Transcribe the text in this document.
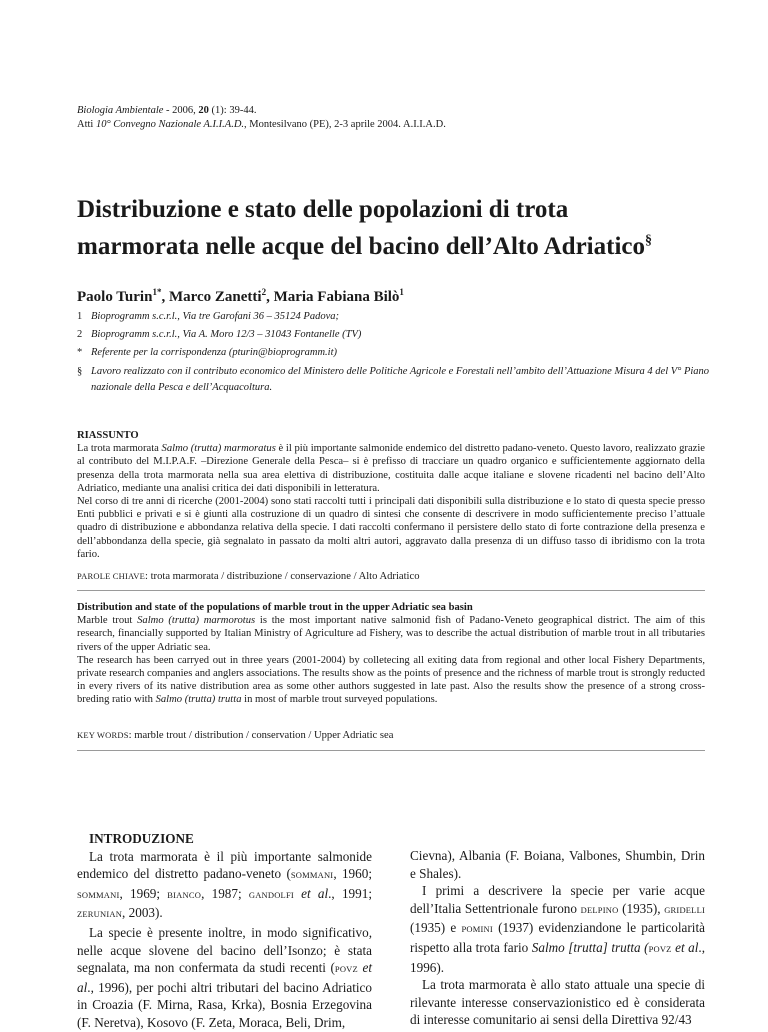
Biologia Ambientale - 2006, 20 (1): 39-44.
Atti 10° Convegno Nazionale A.I.I.A.D., Montesilvano (PE), 2-3 aprile 2004. A.I.I.A.D.
Distribuzione e stato delle popolazioni di trota
marmorata nelle acque del bacino dell’Alto Adriatico§
Paolo Turin$^{1*}$, Marco Zanetti$^2$, Maria Fabiana Bilò$^1$
1 Bioprogramm s.c.r.l., Via tre Garofani 36 – 35124 Padova;
2 Bioprogramm s.c.r.l., Via A. Moro 12/3 – 31043 Fontanelle (TV)
* Referente per la corrispondenza (pturin@bioprogramm.it)
§ Lavoro realizzato con il contributo economico del Ministero delle Politiche Agricole e Forestali nell’ambito dell’Attuazione Misura 4 del V° Piano nazionale della Pesca e dell’Acquacoltura.
RIASSUNTO
La trota marmorata Salmo (trutta) marmoratus è il più importante salmonide endemico del distretto padano-veneto. Questo lavoro, realizzato grazie al contributo del M.I.P.A.F. –Direzione Generale della Pesca– si è prefisso di tracciare un quadro organico e sufficientemente aggiornato della presenza della trota marmorata nella sua area elettiva di distribuzione, costituita dalle acque italiane e slovene ricadenti nel bacino dell’Alto Adriatico, mediante una analisi critica dei dati disponibili in letteratura.
Nel corso di tre anni di ricerche (2001-2004) sono stati raccolti tutti i principali dati disponibili sulla distribuzione e lo stato di questa specie presso Enti pubblici e privati e si è giunti alla costruzione di un quadro di sintesi che consente di descrivere in modo sufficientemente preciso l’attuale quadro di distribuzione e abbondanza relativa della specie. I dati raccolti confermano il persistere dello stato di forte contrazione della presenza e dell’abbondanza della specie, già segnalato in passato da molti altri autori, aggravato dalla presenza di un diffuso tasso di ibridismo con la trota fario.
PAROLE CHIAVE: trota marmorata / distribuzione / conservazione / Alto Adriatico
Distribution and state of the populations of marble trout in the upper Adriatic sea basin
Marble trout Salmo (trutta) marmorotus is the most important native salmonid fish of Padano-Veneto geographical district. The aim of this research, financially supported by Italian Ministry of Agriculture ad Fishery, was to describe the actual distribution of marble trout in all tributaries rivers of the upper Adriatic sea.
The research has been carryed out in three years (2001-2004) by colletecing all exiting data from regional and other local Fishery Departments, private research companies and anglers associations. The results show as the points of presence and the richness of marble trout is strongly reducted in every rivers of its native distribution area as some other authors suggested in late past. Also the results show the presence of a strong cross-breding ratio with Salmo (trutta) trutta in most of marble trout surveyed populations.
KEY WORDS: marble trout / distribution / conservation / Upper Adriatic sea

INTRODUZIONE

La trota marmorata è il più importante salmonide endemico del distretto padano-veneto (SOMMANI, 1960; SOMMANI, 1969; BIANCO, 1987; GANDOLFI et al., 1991; ZERUNIAN, 2003).

La specie è presente inoltre, in modo significativo, nelle acque slovene del bacino dell’Isonzo; è stata segnalata, ma non confermata da studi recenti (POVZ et al., 1996), per pochi altri tributari del bacino Adriatico in Croazia (F. Mirna, Rasa, Krka), Bosnia Erzegovina (F. Neretva), Kosovo (F. Zeta, Moraca, Beli, Drim,

Cievna), Albania (F. Boiana, Valbones, Shumbin, Drin e Shales).

I primi a descrivere la specie per varie acque dell’Italia Settentrionale furono DELPINO (1935), GRIDELLI (1935) e POMINI (1937) evidenziandone le particolarità rispetto alla trota fario Salmo [trutta] trutta (POVZ et al., 1996).

La trota marmorata è allo stato attuale una specie di rilevante interesse conservazionistico ed è considerata di interesse comunitario ai sensi della Direttiva 92/43
